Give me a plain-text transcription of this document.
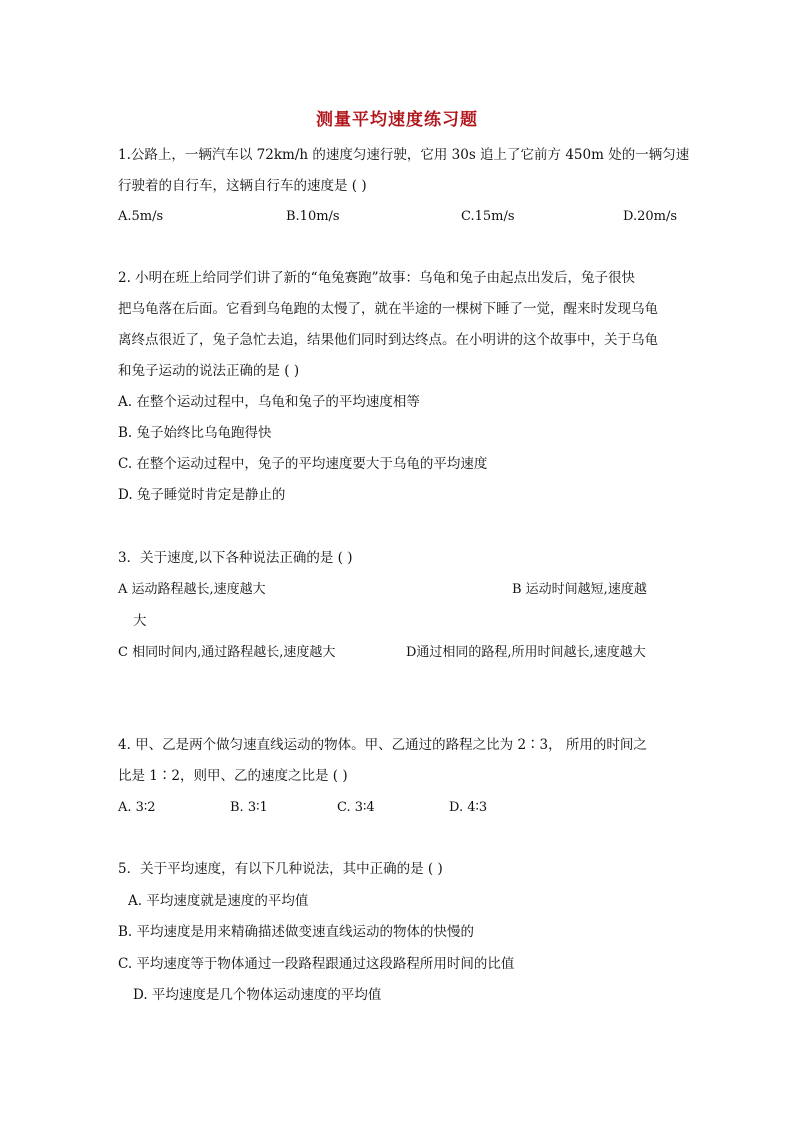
测量平均速度练习题
1.公路上，一辆汽车以 72km/h 的速度匀速行驶，它用 30s 追上了它前方 450m 处的一辆匀速
行驶着的自行车，这辆自行车的速度是 ( )
A.5m/s	B.10m/s	C.15m/s	D.20m/s
2. 小明在班上给同学们讲了新的“龟兔赛跑”故事：乌龟和兔子由起点出发后，兔子很快
把乌龟落在后面。它看到乌龟跑的太慢了，就在半途的一棵树下睡了一觉，醒来时发现乌龟
离终点很近了，兔子急忙去追，结果他们同时到达终点。在小明讲的这个故事中，关于乌龟
和兔子运动的说法正确的是 ( )
A. 在整个运动过程中，乌龟和兔子的平均速度相等
B. 兔子始终比乌龟跑得快
C. 在整个运动过程中，兔子的平均速度要大于乌龟的平均速度
D. 兔子睡觉时肯定是静止的
3．关于速度,以下各种说法正确的是 ( )
A 运动路程越长,速度越大	B 运动时间越短,速度越
大
C 相同时间内,通过路程越长,速度越大	D通过相同的路程,所用时间越长,速度越大
4. 甲、乙是两个做匀速直线运动的物体。甲、乙通过的路程之比为 2∶3， 所用的时间之
比是 1∶2，则甲、乙的速度之比是 ( )
A. 3∶2	B. 3∶1	C. 3∶4	D. 4∶3
5．关于平均速度，有以下几种说法，其中正确的是 ( )
A. 平均速度就是速度的平均值
B. 平均速度是用来精确描述做变速直线运动的物体的快慢的
C. 平均速度等于物体通过一段路程跟通过这段路程所用时间的比值
D. 平均速度是几个物体运动速度的平均值
